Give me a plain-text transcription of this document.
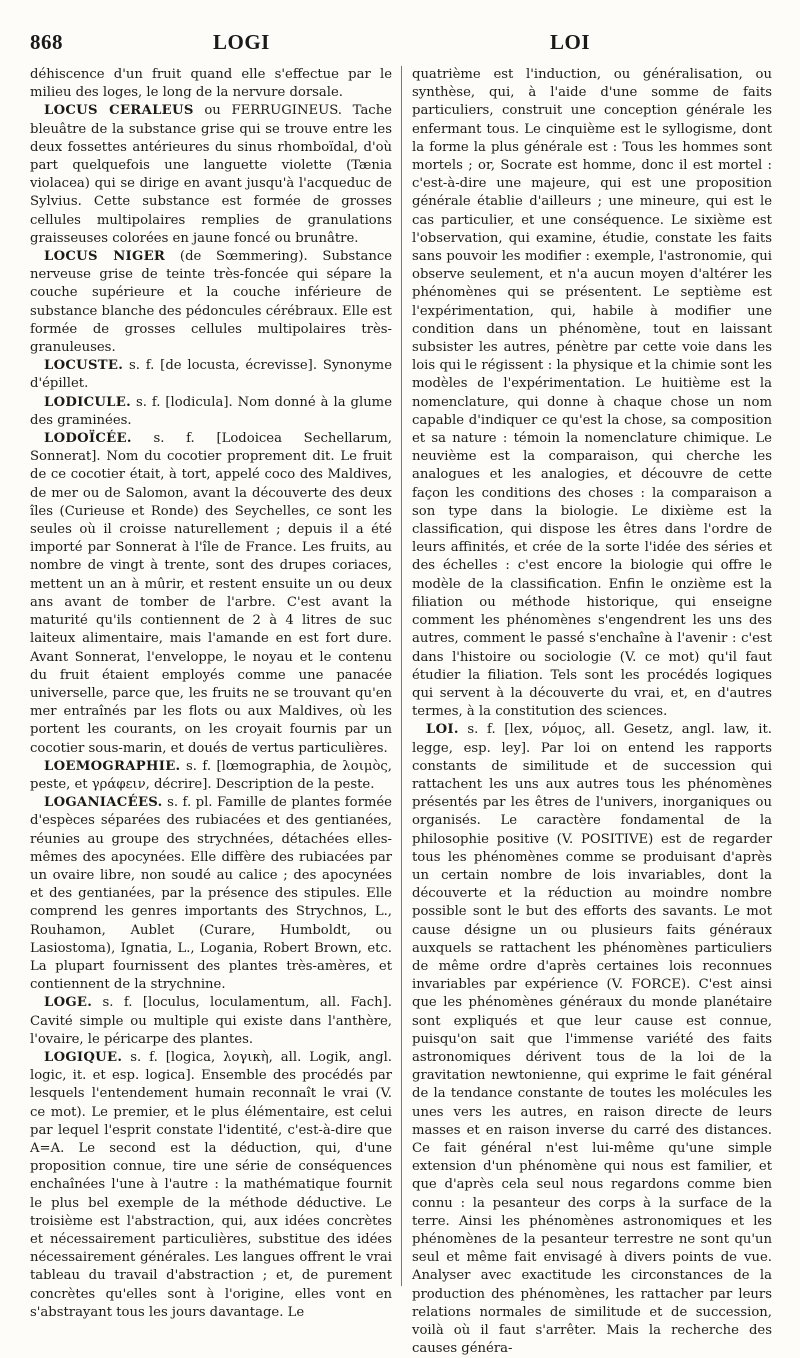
868	LOGI	LOI

déhiscence d'un fruit quand elle s'effectue par le milieu des loges, le long de la nervure dorsale.

LOCUS CERALEUS ou FERRUGINEUS. Tache bleuâtre de la substance grise qui se trouve entre les deux fossettes antérieures du sinus rhomboïdal, d'où part quelquefois une languette violette (Tænia violacea) qui se dirige en avant jusqu'à l'acqueduc de Sylvius. Cette substance est formée de grosses cellules multipolaires remplies de granulations graisseuses colorées en jaune foncé ou brunâtre.

LOCUS NIGER (de Sœmmering). Substance nerveuse grise de teinte très-foncée qui sépare la couche supérieure et la couche inférieure de substance blanche des pédoncules cérébraux. Elle est formée de grosses cellules multipolaires très-granuleuses.

LOCUSTE. s. f. [de locusta, écrevisse]. Synonyme d'épillet.

LODICULE. s. f. [lodicula]. Nom donné à la glume des graminées.

LODOÏCÉE. s. f. [Lodoicea Sechellarum, Sonnerat]. Nom du cocotier proprement dit. Le fruit de ce cocotier était, à tort, appelé coco des Maldives, de mer ou de Salomon, avant la découverte des deux îles (Curieuse et Ronde) des Seychelles, ce sont les seules où il croisse naturellement ; depuis il a été importé par Sonnerat à l'île de France. Les fruits, au nombre de vingt à trente, sont des drupes coriaces, mettent un an à mûrir, et restent ensuite un ou deux ans avant de tomber de l'arbre. C'est avant la maturité qu'ils contiennent de 2 à 4 litres de suc laiteux alimentaire, mais l'amande en est fort dure. Avant Sonnerat, l'enveloppe, le noyau et le contenu du fruit étaient employés comme une panacée universelle, parce que, les fruits ne se trouvant qu'en mer entraînés par les flots ou aux Maldives, où les portent les courants, on les croyait fournis par un cocotier sous-marin, et doués de vertus particulières.

LOEMOGRAPHIE. s. f. [lœmographia, de λοιμὸς, peste, et γράφειν, décrire]. Description de la peste.

LOGANIACÉES. s. f. pl. Famille de plantes formée d'espèces séparées des rubiacées et des gentianées, réunies au groupe des strychnées, détachées elles-mêmes des apocynées. Elle diffère des rubiacées par un ovaire libre, non soudé au calice ; des apocynées et des gentianées, par la présence des stipules. Elle comprend les genres importants des Strychnos, L., Rouhamon, Aublet (Curare, Humboldt, ou Lasiostoma), Ignatia, L., Logania, Robert Brown, etc. La plupart fournissent des plantes très-amères, et contiennent de la strychnine.

LOGE. s. f. [loculus, loculamentum, all. Fach]. Cavité simple ou multiple qui existe dans l'anthère, l'ovaire, le péricarpe des plantes.

LOGIQUE. s. f. [logica, λογικὴ, all. Logik, angl. logic, it. et esp. logica]. Ensemble des procédés par lesquels l'entendement humain reconnaît le vrai (V. ce mot). Le premier, et le plus élémentaire, est celui par lequel l'esprit constate l'identité, c'est-à-dire que A=A. Le second est la déduction, qui, d'une proposition connue, tire une série de conséquences enchaînées l'une à l'autre : la mathématique fournit le plus bel exemple de la méthode déductive. Le troisième est l'abstraction, qui, aux idées concrètes et nécessairement particulières, substitue des idées nécessairement générales. Les langues offrent le vrai tableau du travail d'abstraction ; et, de purement concrètes qu'elles sont à l'origine, elles vont en s'abstrayant tous les jours davantage. Le

quatrième est l'induction, ou généralisation, ou synthèse, qui, à l'aide d'une somme de faits particuliers, construit une conception générale les enfermant tous. Le cinquième est le syllogisme, dont la forme la plus générale est : Tous les hommes sont mortels ; or, Socrate est homme, donc il est mortel : c'est-à-dire une majeure, qui est une proposition générale établie d'ailleurs ; une mineure, qui est le cas particulier, et une conséquence. Le sixième est l'observation, qui examine, étudie, constate les faits sans pouvoir les modifier : exemple, l'astronomie, qui observe seulement, et n'a aucun moyen d'altérer les phénomènes qui se présentent. Le septième est l'expérimentation, qui, habile à modifier une condition dans un phénomène, tout en laissant subsister les autres, pénètre par cette voie dans les lois qui le régissent : la physique et la chimie sont les modèles de l'expérimentation. Le huitième est la nomenclature, qui donne à chaque chose un nom capable d'indiquer ce qu'est la chose, sa composition et sa nature : témoin la nomenclature chimique. Le neuvième est la comparaison, qui cherche les analogues et les analogies, et découvre de cette façon les conditions des choses : la comparaison a son type dans la biologie. Le dixième est la classification, qui dispose les êtres dans l'ordre de leurs affinités, et crée de la sorte l'idée des séries et des échelles : c'est encore la biologie qui offre le modèle de la classification. Enfin le onzième est la filiation ou méthode historique, qui enseigne comment les phénomènes s'engendrent les uns des autres, comment le passé s'enchaîne à l'avenir : c'est dans l'histoire ou sociologie (V. ce mot) qu'il faut étudier la filiation. Tels sont les procédés logiques qui servent à la découverte du vrai, et, en d'autres termes, à la constitution des sciences.

LOI. s. f. [lex, νόμος, all. Gesetz, angl. law, it. legge, esp. ley]. Par loi on entend les rapports constants de similitude et de succession qui rattachent les uns aux autres tous les phénomènes présentés par les êtres de l'univers, inorganiques ou organisés. Le caractère fondamental de la philosophie positive (V. POSITIVE) est de regarder tous les phénomènes comme se produisant d'après un certain nombre de lois invariables, dont la découverte et la réduction au moindre nombre possible sont le but des efforts des savants. Le mot cause désigne un ou plusieurs faits généraux auxquels se rattachent les phénomènes particuliers de même ordre d'après certaines lois reconnues invariables par expérience (V. FORCE). C'est ainsi que les phénomènes généraux du monde planétaire sont expliqués et que leur cause est connue, puisqu'on sait que l'immense variété des faits astronomiques dérivent tous de la loi de la gravitation newtonienne, qui exprime le fait général de la tendance constante de toutes les molécules les unes vers les autres, en raison directe de leurs masses et en raison inverse du carré des distances. Ce fait général n'est lui-même qu'une simple extension d'un phénomène qui nous est familier, et que d'après cela seul nous regardons comme bien connu : la pesanteur des corps à la surface de la terre. Ainsi les phénomènes astronomiques et les phénomènes de la pesanteur terrestre ne sont qu'un seul et même fait envisagé à divers points de vue. Analyser avec exactitude les circonstances de la production des phénomènes, les rattacher par leurs relations normales de similitude et de succession, voilà où il faut s'arrêter. Mais la recherche des causes généra-
